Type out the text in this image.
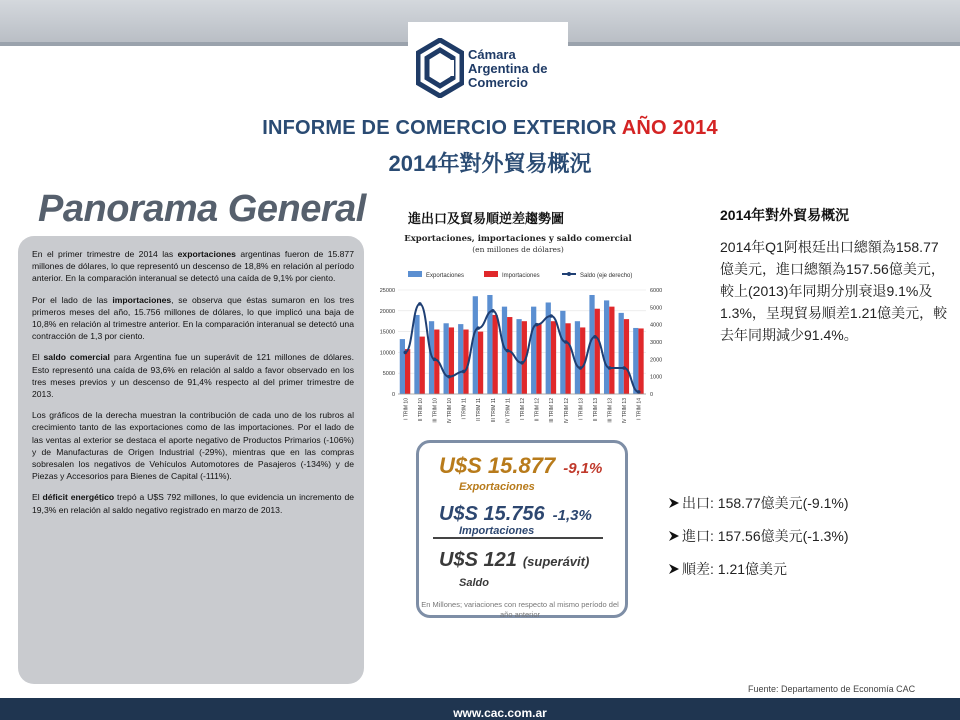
Cámara
Argentina de
Comercio
INFORME DE COMERCIO EXTERIOR AÑO 2014
2014年對外貿易概況
Panorama General

En el primer trimestre de 2014 las exportaciones argentinas fueron de 15.877 millones de dólares, lo que representó un descenso de 18,8% en relación al período anterior. En la comparación interanual se detectó una caída de 9,1% por ciento.

Por el lado de las importaciones, se observa que éstas sumaron en los tres primeros meses del año, 15.756 millones de dólares, lo que implicó una baja de 10,8% en relación al trimestre anterior. En la comparación interanual se detectó una contracción de 1,3 por ciento.

El saldo comercial para Argentina fue un superávit de 121 millones de dólares. Esto representó una caída de 93,6% en relación al saldo a favor observado en los tres meses previos y un descenso de 91,4% respecto al del primer trimestre de 2013.

Los gráficos de la derecha muestran la contribución de cada uno de los rubros al crecimiento tanto de las exportaciones como de las importaciones. Por el lado de las ventas al exterior se destaca el aporte negativo de Productos Primarios (-106%) y de Manufacturas de Origen Industrial (-29%), mientras que en las compras sobresalen los negativos de Vehículos Automotores de Pasajeros (-134%) y de Piezas y Accesorios para Bienes de Capital (-111%).

El déficit energético trepó a U$S 792 millones, lo que evidencia un incremento de 19,3% en relación al saldo negativo registrado en marzo de 2013.

進出口及貿易順逆差趨勢圖
Exportaciones, importaciones y saldo comercial
(en millones de dólares)
Exportaciones	Importaciones	Saldo (eje derecho)
0
5000
10000
15000
20000
25000
0
1000
2000
3000
4000
5000
6000
I TRIM 10 II TRIM 10 III TRIM 10 IV TRIM 10 I TRIM 11 II TRIM 11 III TRIM 11 IV TRIM 11 I TRIM 12 II TRIM 12 III TRIM 12 IV TRIM 12 I TRIM 13 II TRIM 13 III TRIM 13 IV TRIM 13 I TRIM 14
U$S 15.877 -9,1%
Exportaciones
U$S 15.756 -1,3%
Importaciones
U$S 121 (superávit)
Saldo
En Millones; variaciones con respecto al mismo período del año anterior
2014年對外貿易概況
2014年Q1阿根廷出口總額為158.77億美元，進口總額為157.56億美元，較上(2013)年同期分別衰退9.1%及1.3%，呈現貿易順差1.21億美元，較去年同期減少91.4%。
出口: 158.77億美元(-9.1%)
進口: 157.56億美元(-1.3%)
順差: 1.21億美元
Fuente: Departamento de Economía CAC
www.cac.com.ar
